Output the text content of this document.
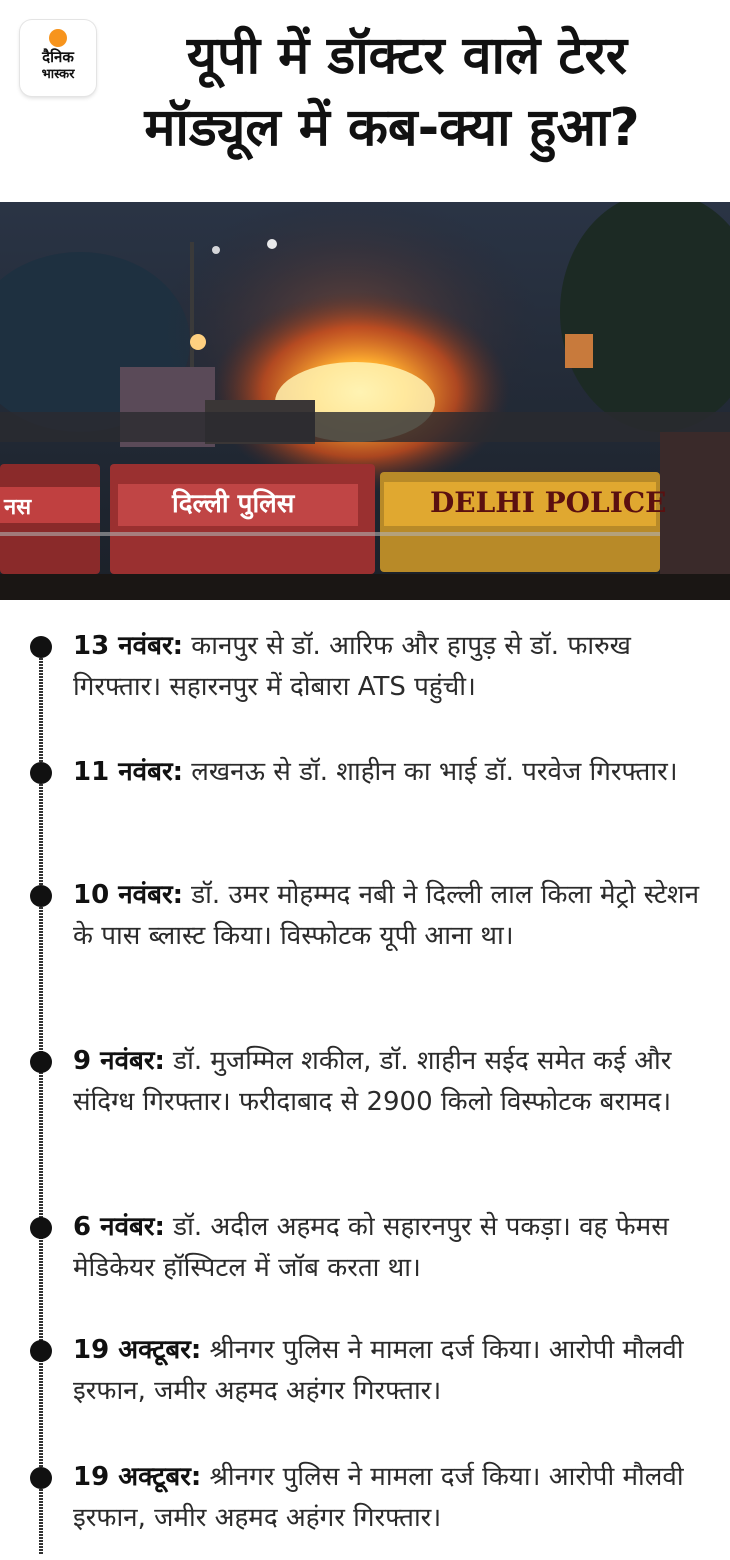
दैनिक
भास्कर	यूपी में डॉक्टर वाले टेरर
मॉड्यूल में कब-क्या हुआ?
नस	दिल्ली पुलिस	DELHI POLICE

13 नवंबर: कानपुर से डॉ. आरिफ और हापुड़ से डॉ. फारुख गिरफ्तार। सहारनपुर में दोबारा ATS पहुंची।

11 नवंबर: लखनऊ से डॉ. शाहीन का भाई डॉ. परवेज गिरफ्तार।

10 नवंबर: डॉ. उमर मोहम्मद नबी ने दिल्ली लाल किला मेट्रो स्टेशन के पास ब्लास्ट किया। विस्फोटक यूपी आना था।

9 नवंबर: डॉ. मुजम्मिल शकील, डॉ. शाहीन सईद समेत कई और संदिग्ध गिरफ्तार। फरीदाबाद से 2900 किलो विस्फोटक बरामद।

6 नवंबर: डॉ. अदील अहमद को सहारनपुर से पकड़ा। वह फेमस मेडिकेयर हॉस्पिटल में जॉब करता था।

19 अक्टूबर: श्रीनगर पुलिस ने मामला दर्ज किया। आरोपी मौलवी इरफान, जमीर अहमद अहंगर गिरफ्तार।

19 अक्टूबर: श्रीनगर पुलिस ने मामला दर्ज किया। आरोपी मौलवी इरफान, जमीर अहमद अहंगर गिरफ्तार।
